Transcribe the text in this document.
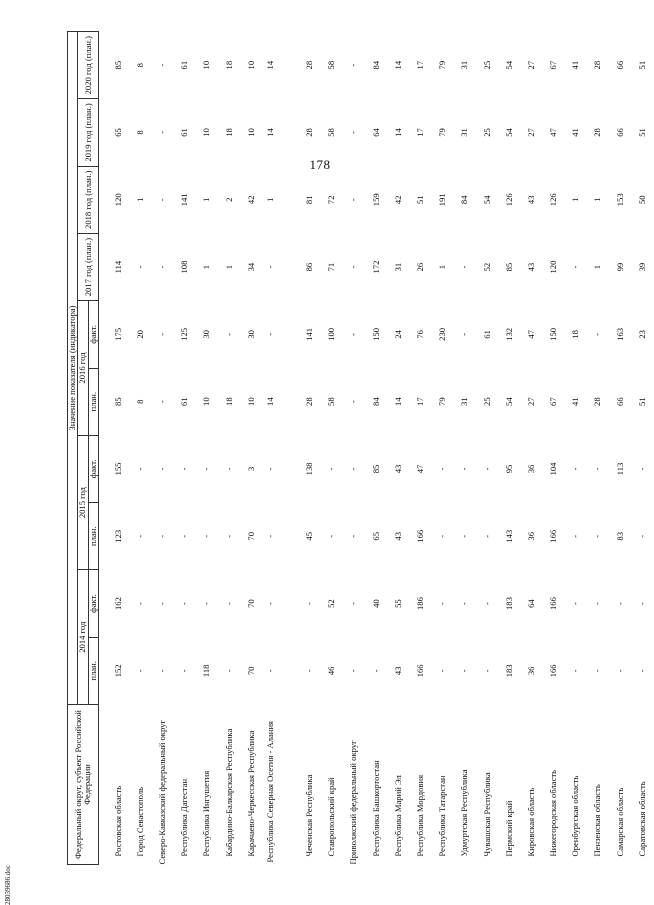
178
Федеральный округ, субъект Российской Федерации	Значение показателя (индикатора)									
	2014 год		2015 год		2016 год		2017 год (план.)	2018 год (план.)	2019 год (план.)	2020 год (план.)
	план.	факт.	план.	факт.	план.	факт.				
Ростовская область	152	162	123	155	85	175	114	120	65	85
Город Севастополь	-	-	-	-	8	20	-	1	8	8
Северо-Кавказский федеральный округ	-	-	-	-	-	-	-	-	-	-
Республика Дагестан	-	-	-	-	61	125	108	141	61	61
Республика Ингушетия	118	-	-	-	10	30	1	1	10	10
Кабардино-Балкарская Республика	-	-	-	-	18	-	1	2	18	18
Карачаево-Черкесская Республика	70	70	70	3	10	30	34	42	10	10
Республика Северная Осетия - Алания	-	-	-	-	14	-	-	1	14	14
Чеченская Республика	-	-	45	138	28	141	86	81	28	28
Ставропольский край	46	52	-	-	58	100	71	72	58	58
Приволжский федеральный округ	-	-	-	-	-	-	-	-	-	-
Республика Башкортостан	-	40	65	85	84	150	172	159	64	84
Республика Марий Эл	43	55	43	43	14	24	31	42	14	14
Республика Мордовия	166	186	166	47	17	76	26	51	17	17
Республика Татарстан	-	-	-	-	79	230	1	191	79	79
Удмуртская Республика	-	-	-	-	31	-	-	84	31	31
Чувашская Республика	-	-	-	-	25	61	52	54	25	25
Пермский край	183	183	143	95	54	132	85	126	54	54
Кировская область	36	64	36	36	27	47	43	43	27	27
Нижегородская область	166	166	166	104	67	150	120	126	47	67
Оренбургская область	-	-	-	-	41	18	-	1	41	41
Пензенская область	-	-	-	-	28	-	1	1	28	28
Самарская область	-	-	83	113	66	163	99	153	66	66
Саратовская область	-	-	-	-	51	23	39	50	51	51
28039686.doc
